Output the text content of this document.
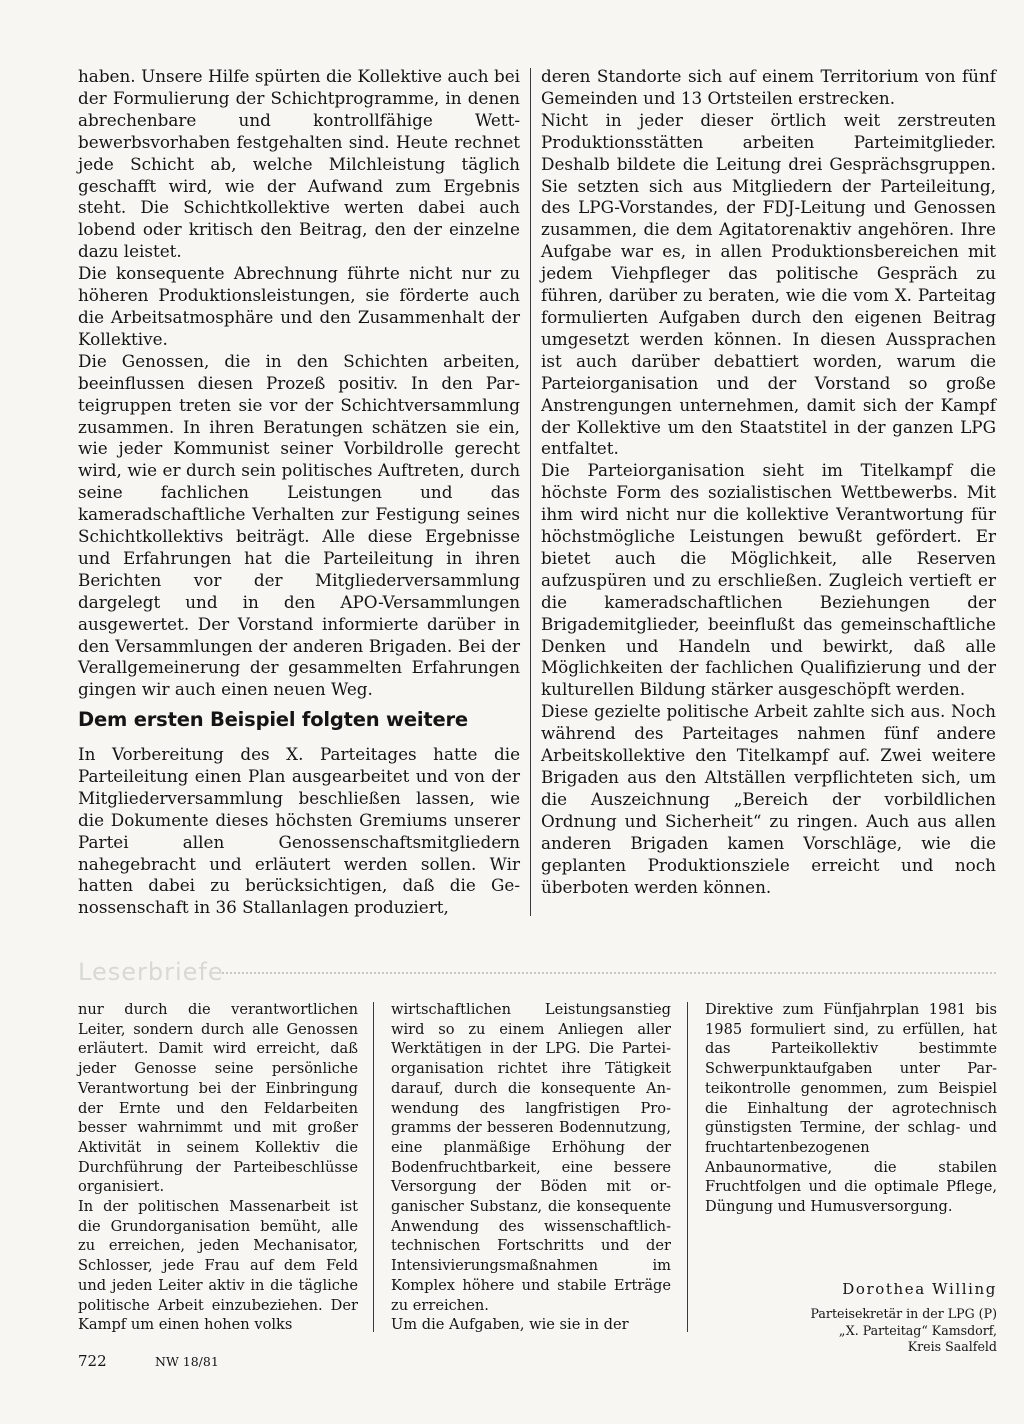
haben. Unsere Hilfe spürten die Kollektive auch bei der Formulierung der Schichtprogramme, in denen abrechenbare und kontrollfähige Wettbewerbsvorhaben festgehalten sind. Heute rechnet jede Schicht ab, welche Milchleistung täglich geschafft wird, wie der Aufwand zum Ergebnis steht. Die Schichtkollektive werten dabei auch lobend oder kritisch den Beitrag, den der einzelne dazu leistet.

Die konsequente Abrechnung führte nicht nur zu höheren Produktionsleistungen, sie förderte auch die Arbeitsatmosphäre und den Zusammenhalt der Kollektive.

Die Genossen, die in den Schichten arbeiten, beeinflussen diesen Prozeß positiv. In den Parteigruppen treten sie vor der Schichtversammlung zusammen. In ihren Beratungen schätzen sie ein, wie jeder Kommunist seiner Vorbildrolle gerecht wird, wie er durch sein politisches Auftreten, durch seine fachlichen Leistungen und das kameradschaftliche Verhalten zur Festigung seines Schichtkollektivs beiträgt. Alle diese Ergebnisse und Erfahrungen hat die Parteileitung in ihren Berichten vor der Mitgliederversammlung dargelegt und in den APO-Versammlungen ausgewertet. Der Vorstand informierte darüber in den Versammlungen der anderen Brigaden. Bei der Verallgemeinerung der gesammelten Erfahrungen gingen wir auch einen neuen Weg.

Dem ersten Beispiel folgten weitere

In Vorbereitung des X. Parteitages hatte die Parteileitung einen Plan ausgearbeitet und von der Mitgliederversammlung beschließen lassen, wie die Dokumente dieses höchsten Gremiums unserer Partei allen Genossenschaftsmitgliedern nahegebracht und erläutert werden sollen. Wir hatten dabei zu berücksichtigen, daß die Genossenschaft in 36 Stallanlagen produziert,

deren Standorte sich auf einem Territorium von fünf Gemeinden und 13 Ortsteilen erstrecken.

Nicht in jeder dieser örtlich weit zerstreuten Produktionsstätten arbeiten Parteimitglieder. Deshalb bildete die Leitung drei Gesprächsgruppen. Sie setzten sich aus Mitgliedern der Parteileitung, des LPG-Vorstandes, der FDJ-Leitung und Genossen zusammen, die dem Agitatorenaktiv angehören. Ihre Aufgabe war es, in allen Produktionsbereichen mit jedem Viehpfleger das politische Gespräch zu führen, darüber zu beraten, wie die vom X. Parteitag formulierten Aufgaben durch den eigenen Beitrag umgesetzt werden können. In diesen Aussprachen ist auch darüber debattiert worden, warum die Parteiorganisation und der Vorstand so große Anstrengungen unternehmen, damit sich der Kampf der Kollektive um den Staatstitel in der ganzen LPG entfaltet.

Die Parteiorganisation sieht im Titelkampf die höchste Form des sozialistischen Wettbewerbs. Mit ihm wird nicht nur die kollektive Verantwortung für höchstmögliche Leistungen bewußt gefördert. Er bietet auch die Möglichkeit, alle Reserven aufzuspüren und zu erschließen. Zugleich vertieft er die kameradschaftlichen Beziehungen der Brigademitglieder, beeinflußt das gemeinschaftliche Denken und Handeln und bewirkt, daß alle Möglichkeiten der fachlichen Qualifizierung und der kulturellen Bildung stärker ausgeschöpft werden.

Diese gezielte politische Arbeit zahlte sich aus. Noch während des Parteitages nahmen fünf andere Arbeitskollektive den Titelkampf auf. Zwei weitere Brigaden aus den Altställen verpflichteten sich, um die Auszeichnung „Bereich der vorbildlichen Ordnung und Sicherheit“ zu ringen. Auch aus allen anderen Brigaden kamen Vorschläge, wie die geplanten Produktionsziele erreicht und noch überboten werden können.

Leserbriefe

nur durch die verantwortlichen Leiter, sondern durch alle Genossen erläutert. Damit wird erreicht, daß jeder Genosse seine persönliche Verantwortung bei der Einbringung der Ernte und den Feldarbeiten besser wahrnimmt und mit großer Aktivität in seinem Kollektiv die Durchführung der Parteibeschlüsse organisiert.

In der politischen Massenarbeit ist die Grundorganisation bemüht, alle zu erreichen, jeden Mechanisator, Schlosser, jede Frau auf dem Feld und jeden Leiter aktiv in die tägliche politische Arbeit einzubeziehen. Der Kampf um einen hohen volks

wirtschaftlichen Leistungsanstieg wird so zu einem Anliegen aller Werktätigen in der LPG. Die Parteiorganisation richtet ihre Tätigkeit darauf, durch die konsequente Anwendung des langfristigen Programms der besseren Bodennutzung, eine planmäßige Erhöhung der Bodenfruchtbarkeit, eine bessere Versorgung der Böden mit organischer Substanz, die konsequente Anwendung des wissenschaftlich-technischen Fortschritts und der Intensivierungsmaßnahmen im Komplex höhere und stabile Erträge zu erreichen.

Um die Aufgaben, wie sie in der

Direktive zum Fünfjahrplan 1981 bis 1985 formuliert sind, zu erfüllen, hat das Parteikollektiv bestimmte Schwerpunktaufgaben unter Parteikontrolle genommen, zum Beispiel die Einhaltung der agrotechnisch günstigsten Termine, der schlag- und fruchtartenbezogenen Anbaunormative, die stabilen Fruchtfolgen und die optimale Pflege, Düngung und Humusversorgung.

Dorothea Willing

Parteisekretär in der LPG (P)
„X. Parteitag“ Kamsdorf,
Kreis Saalfeld

722	NW 18/81
